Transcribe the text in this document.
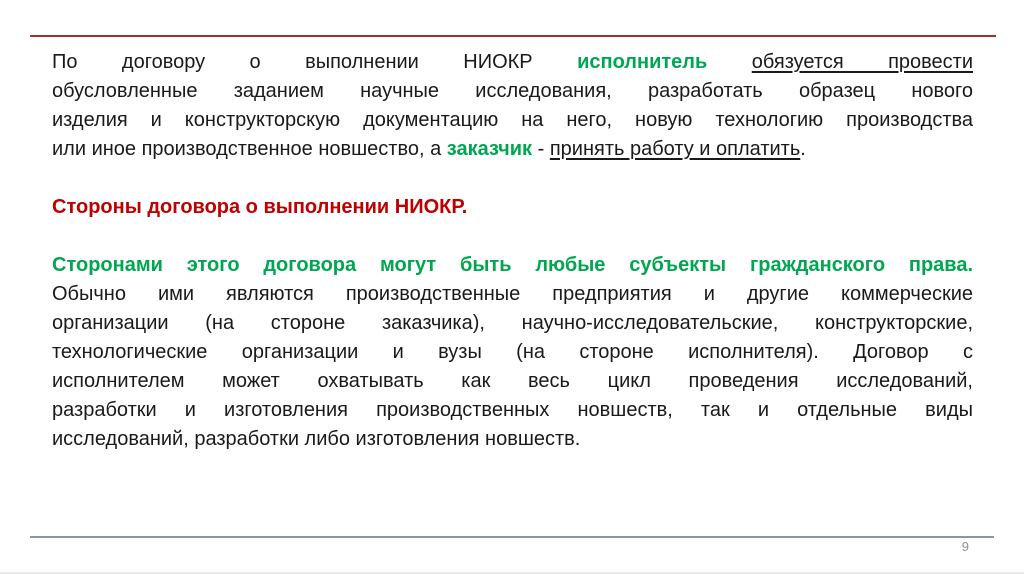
По договору о выполнении НИОКР исполнитель обязуется провести
обусловленные заданием научные исследования, разработать образец нового
изделия и конструкторскую документацию на него, новую технологию производства
или иное производственное новшество, а заказчик - принять работу и оплатить.
Стороны договора о выполнении НИОКР.
Сторонами этого договора могут быть любые субъекты гражданского права.
Обычно ими являются производственные предприятия и другие коммерческие
организации (на стороне заказчика), научно-исследовательские, конструкторские,
технологические организации и вузы (на стороне исполнителя). Договор с
исполнителем может охватывать как весь цикл проведения исследований,
разработки и изготовления производственных новшеств, так и отдельные виды
исследований, разработки либо изготовления новшеств.
9
